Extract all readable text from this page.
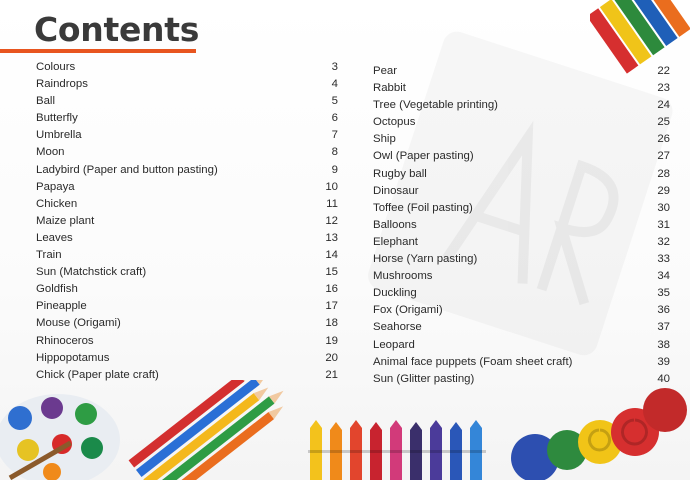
Contents
Colours	3
Raindrops	4
Ball	5
Butterfly	6
Umbrella	7
Moon	8
Ladybird (Paper and button pasting)	9
Papaya	10
Chicken	11
Maize plant	12
Leaves	13
Train	14
Sun (Matchstick craft)	15
Goldfish	16
Pineapple	17
Mouse (Origami)	18
Rhinoceros	19
Hippopotamus	20
Chick (Paper plate craft)	21
Pear	22
Rabbit	23
Tree (Vegetable printing)	24
Octopus	25
Ship	26
Owl (Paper pasting)	27
Rugby ball	28
Dinosaur	29
Toffee (Foil pasting)	30
Balloons	31
Elephant	32
Horse (Yarn pasting)	33
Mushrooms	34
Duckling	35
Fox (Origami)	36
Seahorse	37
Leopard	38
Animal face puppets (Foam sheet craft)	39
Sun (Glitter pasting)	40
